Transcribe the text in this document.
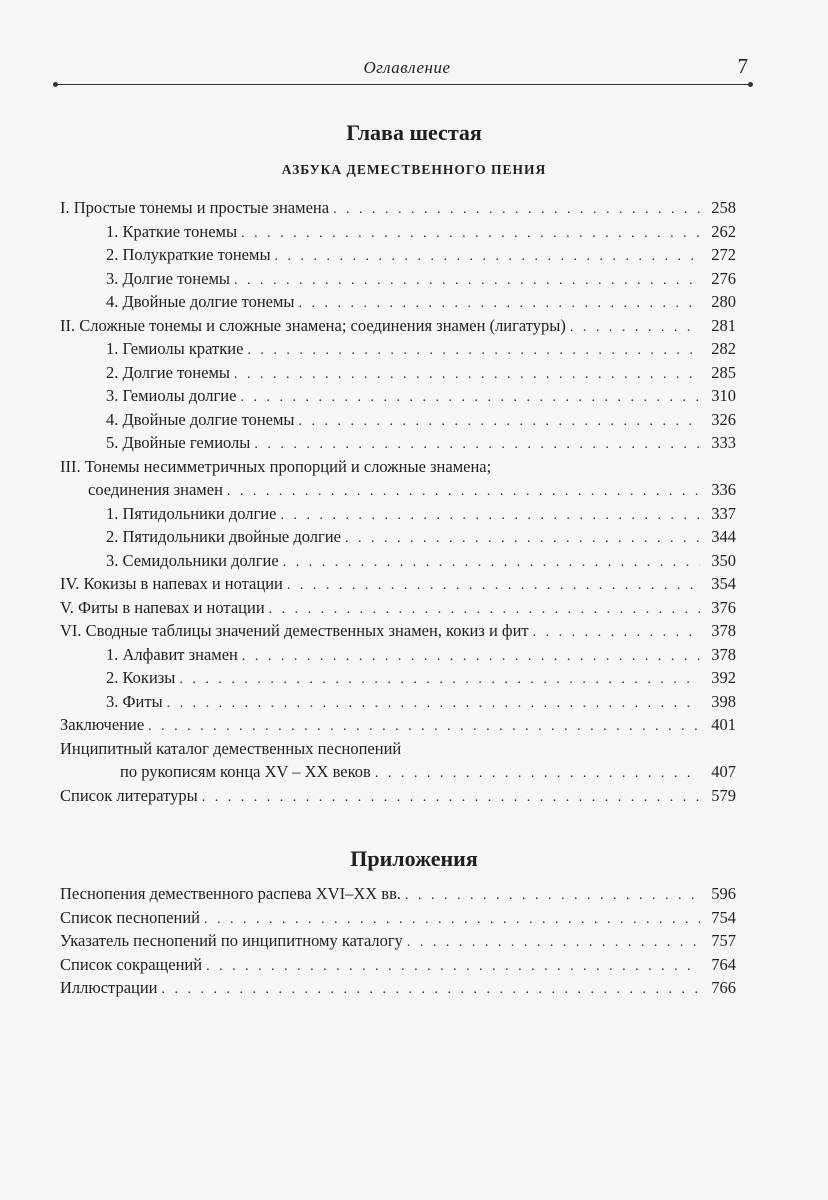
Оглавление	7
Глава шестая
АЗБУКА ДЕМЕСТВЕННОГО ПЕНИЯ
I. Простые тонемы и простые знамена . . .	258
1. Краткие тонемы . . .	262
2. Полукраткие тонемы . . .	272
3. Долгие тонемы . . .	276
4. Двойные долгие тонемы . . .	280
II. Сложные тонемы и сложные знамена; соединения знамен (лигатуры) . . .	281
1. Гемиолы краткие . . .	282
2. Долгие тонемы . . .	285
3. Гемиолы долгие . . .	310
4. Двойные долгие тонемы . . .	326
5. Двойные гемиолы . . .	333
III. Тонемы несимметричных пропорций и сложные знамена;
соединения знамен . . .	336
1. Пятидольники долгие . . .	337
2. Пятидольники двойные долгие . . .	344
3. Семидольники долгие . . .	350
IV. Кокизы в напевах и нотации . . .	354
V. Фиты в напевах и нотации . . .	376
VI. Сводные таблицы значений демественных знамен, кокиз и фит . . .	378
1. Алфавит знамен . . .	378
2. Кокизы . . .	392
3. Фиты . . .	398
Заключение . . .	401
Инципитный каталог демественных песнопений
по рукописям конца XV – XX веков . . .	407
Список литературы . . .	579
Приложения
Песнопения демественного распева XVI–XX вв. . . .	596
Список песнопений . . .	754
Указатель песнопений по инципитному каталогу . . .	757
Список сокращений . . .	764
Иллюстрации . . .	766
